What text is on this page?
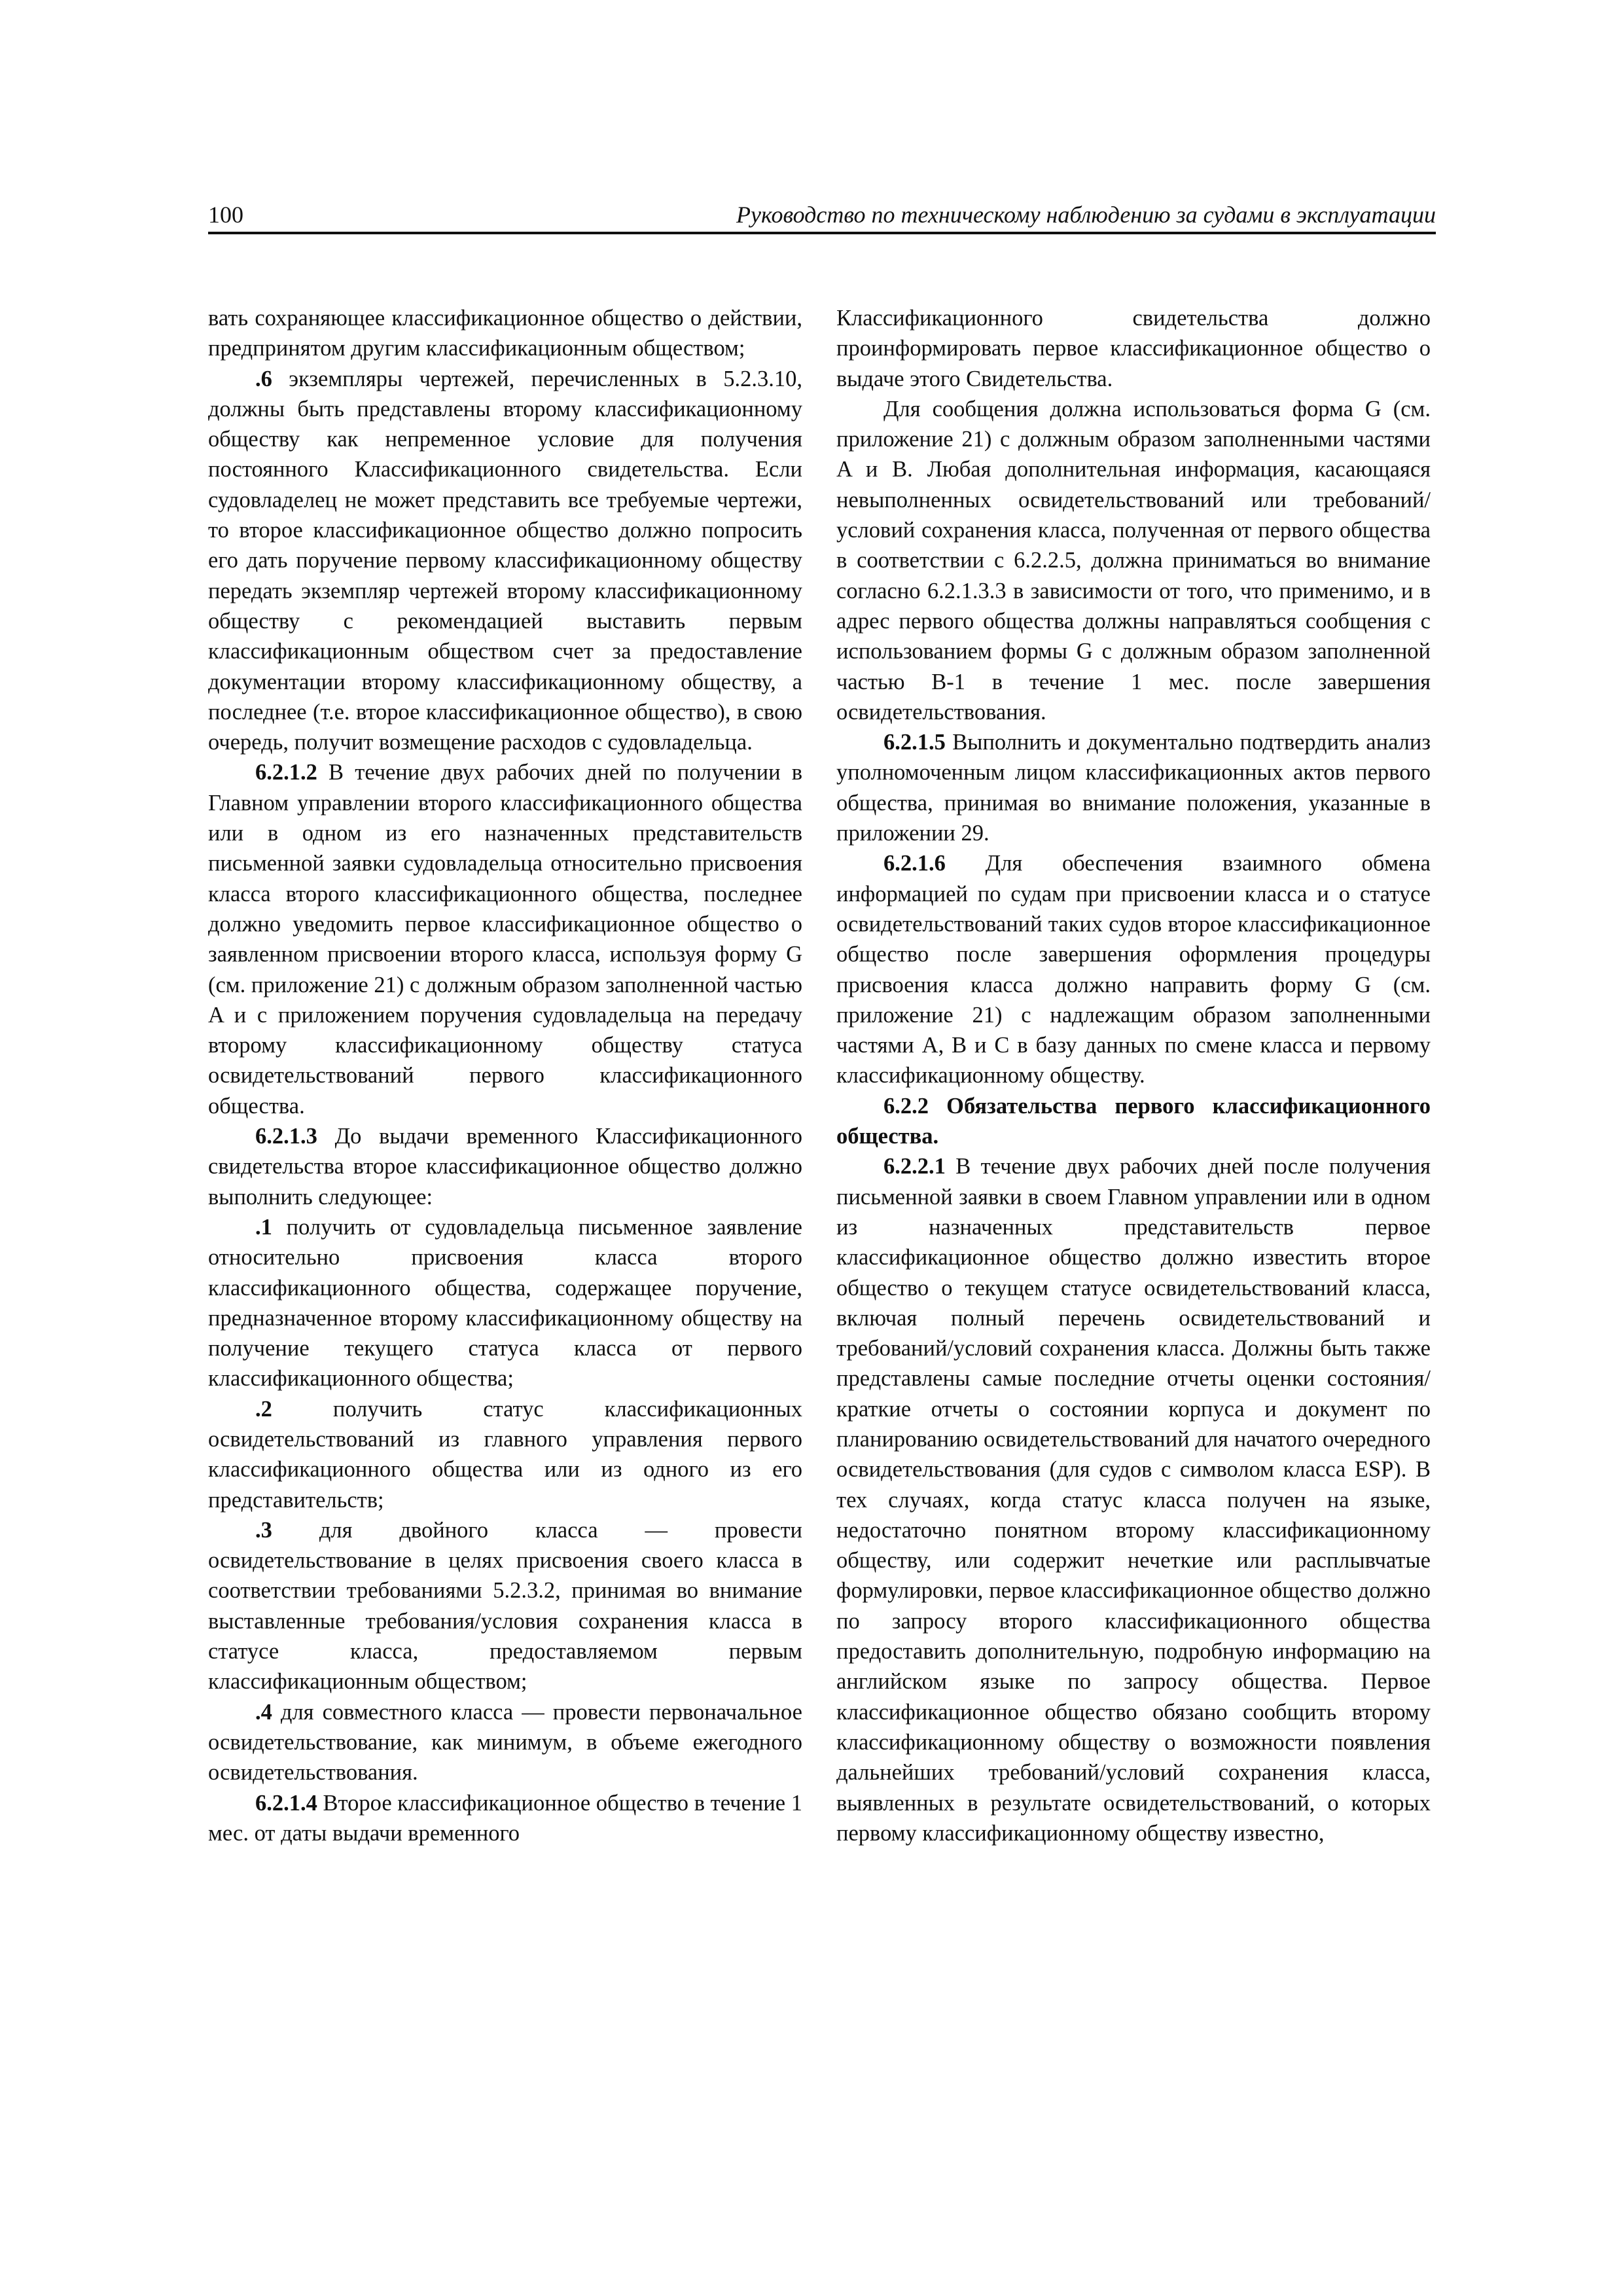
100	Руководство по техническому наблюдению за судами в эксплуатации

вать сохраняющее классификационное общество о действии, предпринятом другим классификационным обществом;

.6 экземпляры чертежей, перечисленных в 5.2.3.10, должны быть представлены второму классификационному обществу как непременное условие для получения постоянного Классификационного свидетельства. Если судовладелец не может представить все требуемые чертежи, то второе классификационное общество должно попросить его дать поручение первому классификационному обществу передать экземпляр чертежей второму классификационному обществу с рекомендацией выставить первым классификационным обществом счет за предоставление документации второму классификационному обществу, а последнее (т.е. второе классификационное общество), в свою очередь, получит возмещение расходов с судовладельца.

6.2.1.2 В течение двух рабочих дней по получении в Главном управлении второго классификационного общества или в одном из его назначенных представительств письменной заявки судовладельца относительно присвоения класса второго классификационного общества, последнее должно уведомить первое классификационное общество о заявленном присвоении второго класса, используя форму G (см. приложение 21) с должным образом заполненной частью A и с приложением поручения судовладельца на передачу второму классификационному обществу статуса освидетельствований первого классификационного общества.

6.2.1.3 До выдачи временного Классификационного свидетельства второе классификационное общество должно выполнить следующее:

.1 получить от судовладельца письменное заявление относительно присвоения класса второго классификационного общества, содержащее поручение, предназначенное второму классификационному обществу на получение текущего статуса класса от первого классификационного общества;

.2 получить статус классификационных освидетельствований из главного управления первого классификационного общества или из одного из его представительств;

.3 для двойного класса — провести освидетельствование в целях присвоения своего класса в соответствии требованиями 5.2.3.2, принимая во внимание выставленные требования/условия сохранения класса в статусе класса, предоставляемом первым классификационным обществом;

.4 для совместного класса — провести первоначальное освидетельствование, как минимум, в объеме ежегодного освидетельствования.

6.2.1.4 Второе классификационное общество в течение 1 мес. от даты выдачи временного

Классификационного свидетельства должно проинформировать первое классификационное общество о выдаче этого Свидетельства.

Для сообщения должна использоваться форма G (см. приложение 21) с должным образом заполненными частями A и B. Любая дополнительная информация, касающаяся невыполненных освидетельствований или требований/условий сохранения класса, полученная от первого общества в соответствии с 6.2.2.5, должна приниматься во внимание согласно 6.2.1.3.3 в зависимости от того, что применимо, и в адрес первого общества должны направляться сообщения с использованием формы G с должным образом заполненной частью B-1 в течение 1 мес. после завершения освидетельствования.

6.2.1.5 Выполнить и документально подтвердить анализ уполномоченным лицом классификационных актов первого общества, принимая во внимание положения, указанные в приложении 29.

6.2.1.6 Для обеспечения взаимного обмена информацией по судам при присвоении класса и о статусе освидетельствований таких судов второе классификационное общество после завершения оформления процедуры присвоения класса должно направить форму G (см. приложение 21) с надлежащим образом заполненными частями A, B и C в базу данных по смене класса и первому классификационному обществу.

6.2.2 Обязательства первого классификационного общества.

6.2.2.1 В течение двух рабочих дней после получения письменной заявки в своем Главном управлении или в одном из назначенных представительств первое классификационное общество должно известить второе общество о текущем статусе освидетельствований класса, включая полный перечень освидетельствований и требований/условий сохранения класса. Должны быть также представлены самые последние отчеты оценки состояния/краткие отчеты о состоянии корпуса и документ по планированию освидетельствований для начатого очередного освидетельствования (для судов с символом класса ESP). В тех случаях, когда статус класса получен на языке, недостаточно понятном второму классификационному обществу, или содержит нечеткие или расплывчатые формулировки, первое классификационное общество должно по запросу второго классификационного общества предоставить дополнительную, подробную информацию на английском языке по запросу общества. Первое классификационное общество обязано сообщить второму классификационному обществу о возможности появления дальнейших требований/условий сохранения класса, выявленных в результате освидетельствований, о которых первому классификационному обществу известно,
